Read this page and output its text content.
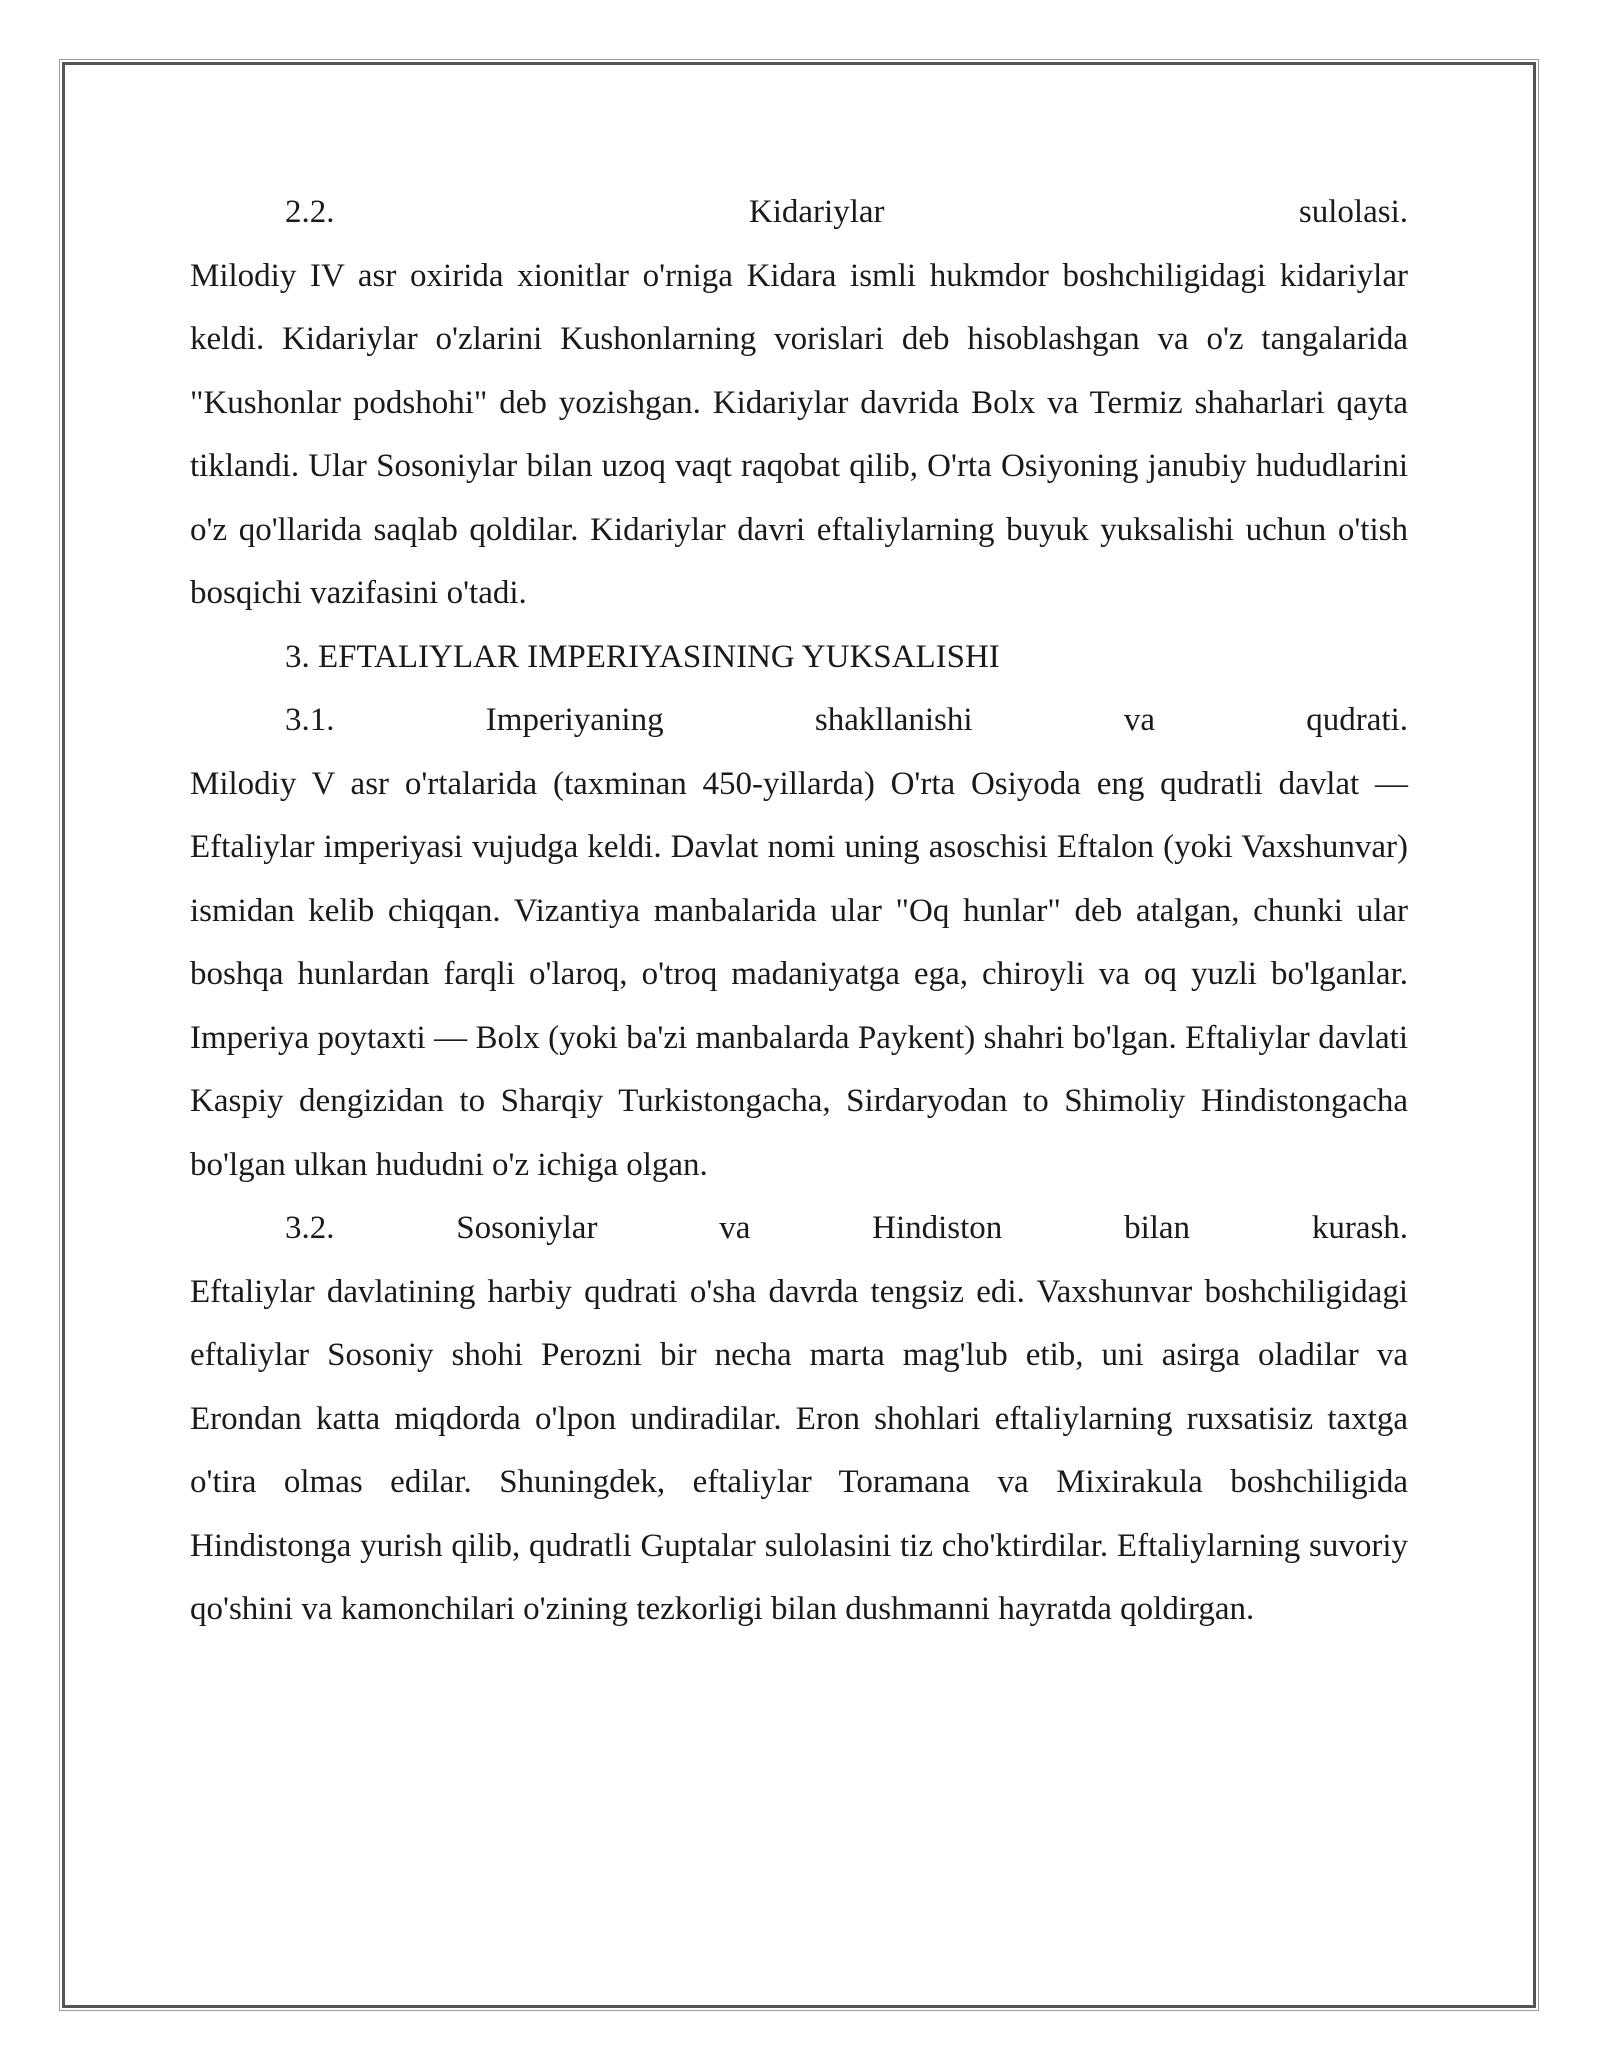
2.2.	Kidariylar	sulolasi.

Milodiy IV asr oxirida xionitlar o'rniga Kidara ismli hukmdor boshchiligidagi kidariylar keldi. Kidariylar o'zlarini Kushonlarning vorislari deb hisoblashgan va o'z tangalarida "Kushonlar podshohi" deb yozishgan. Kidariylar davrida Bolx va Termiz shaharlari qayta tiklandi. Ular Sosoniylar bilan uzoq vaqt raqobat qilib, O'rta Osiyoning janubiy hududlarini o'z qo'llarida saqlab qoldilar. Kidariylar davri eftaliylarning buyuk yuksalishi uchun o'tish bosqichi vazifasini o'tadi.

3. EFTALIYLAR IMPERIYASINING YUKSALISHI

3.1.	Imperiyaning	shakllanishi	va	qudrati.

Milodiy V asr o'rtalarida (taxminan 450-yillarda) O'rta Osiyoda eng qudratli davlat — Eftaliylar imperiyasi vujudga keldi. Davlat nomi uning asoschisi Eftalon (yoki Vaxshunvar) ismidan kelib chiqqan. Vizantiya manbalarida ular "Oq hunlar" deb atalgan, chunki ular boshqa hunlardan farqli o'laroq, o'troq madaniyatga ega, chiroyli va oq yuzli bo'lganlar. Imperiya poytaxti — Bolx (yoki ba'zi manbalarda Paykent) shahri bo'lgan. Eftaliylar davlati Kaspiy dengizidan to Sharqiy Turkistongacha, Sirdaryodan to Shimoliy Hindistongacha bo'lgan ulkan hududni o'z ichiga olgan.

3.2.	Sosoniylar	va	Hindiston	bilan	kurash.

Eftaliylar davlatining harbiy qudrati o'sha davrda tengsiz edi. Vaxshunvar boshchiligidagi eftaliylar Sosoniy shohi Perozni bir necha marta mag'lub etib, uni asirga oladilar va Erondan katta miqdorda o'lpon undiradilar. Eron shohlari eftaliylarning ruxsatisiz taxtga o'tira olmas edilar. Shuningdek, eftaliylar Toramana va Mixirakula boshchiligida Hindistonga yurish qilib, qudratli Guptalar sulolasini tiz cho'ktirdilar. Eftaliylarning suvoriy qo'shini va kamonchilari o'zining tezkorligi bilan dushmanni hayratda qoldirgan.
